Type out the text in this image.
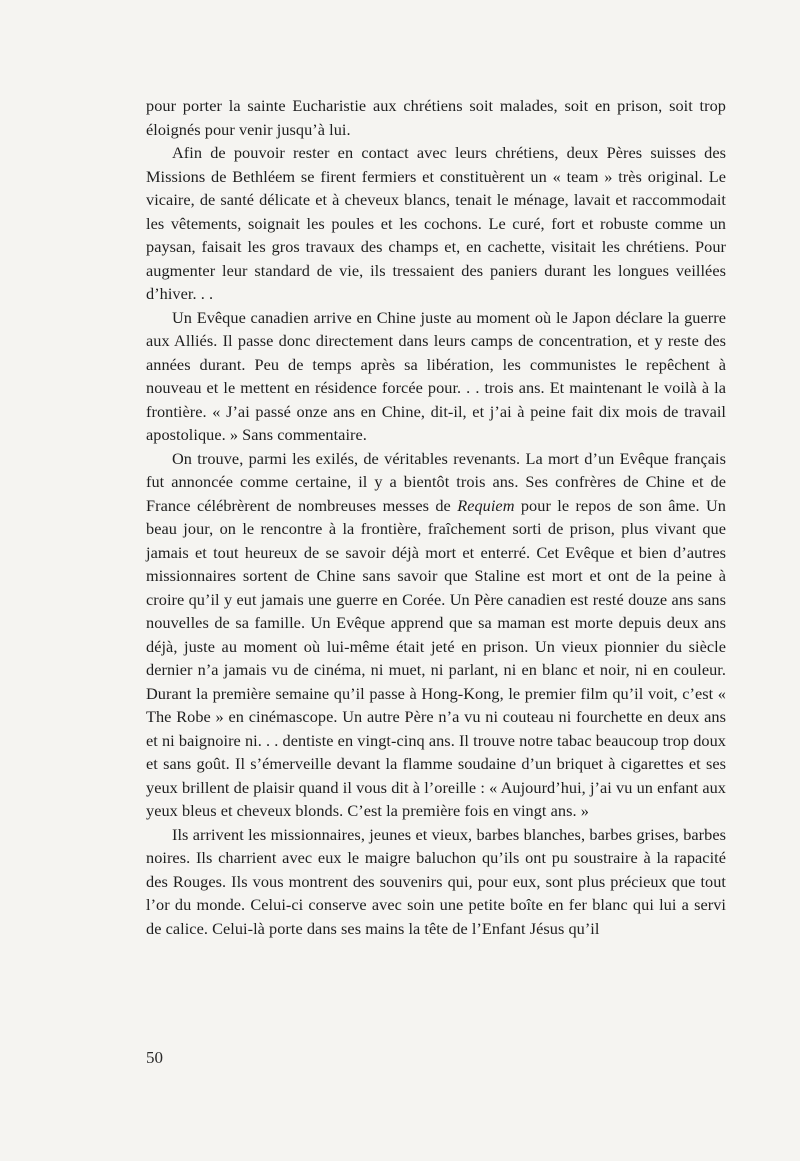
pour porter la sainte Eucharistie aux chrétiens soit malades, soit en prison, soit trop éloignés pour venir jusqu’à lui.

Afin de pouvoir rester en contact avec leurs chrétiens, deux Pères suisses des Missions de Bethléem se firent fermiers et constituèrent un « team » très original. Le vicaire, de santé délicate et à cheveux blancs, tenait le ménage, lavait et raccommodait les vêtements, soignait les poules et les cochons. Le curé, fort et robuste comme un paysan, faisait les gros travaux des champs et, en cachette, visitait les chrétiens. Pour augmenter leur standard de vie, ils tressaient des paniers durant les longues veillées d’hiver. . .

Un Evêque canadien arrive en Chine juste au moment où le Japon déclare la guerre aux Alliés. Il passe donc directement dans leurs camps de concentration, et y reste des années durant. Peu de temps après sa libération, les communistes le repêchent à nouveau et le mettent en résidence forcée pour. . . trois ans. Et maintenant le voilà à la frontière. « J’ai passé onze ans en Chine, dit-il, et j’ai à peine fait dix mois de travail apostolique. » Sans commentaire.

On trouve, parmi les exilés, de véritables revenants. La mort d’un Evêque français fut annoncée comme certaine, il y a bientôt trois ans. Ses confrères de Chine et de France célébrèrent de nombreuses messes de Requiem pour le repos de son âme. Un beau jour, on le rencontre à la frontière, fraîchement sorti de prison, plus vivant que jamais et tout heureux de se savoir déjà mort et enterré. Cet Evêque et bien d’autres missionnaires sortent de Chine sans savoir que Staline est mort et ont de la peine à croire qu’il y eut jamais une guerre en Corée. Un Père canadien est resté douze ans sans nouvelles de sa famille. Un Evêque apprend que sa maman est morte depuis deux ans déjà, juste au moment où lui-même était jeté en prison. Un vieux pionnier du siècle dernier n’a jamais vu de cinéma, ni muet, ni parlant, ni en blanc et noir, ni en couleur. Durant la première semaine qu’il passe à Hong-Kong, le premier film qu’il voit, c’est « The Robe » en cinémascope. Un autre Père n’a vu ni couteau ni fourchette en deux ans et ni baignoire ni. . . dentiste en vingt-cinq ans. Il trouve notre tabac beaucoup trop doux et sans goût. Il s’émerveille devant la flamme soudaine d’un briquet à cigarettes et ses yeux brillent de plaisir quand il vous dit à l’oreille : « Aujourd’hui, j’ai vu un enfant aux yeux bleus et cheveux blonds. C’est la première fois en vingt ans. »

Ils arrivent les missionnaires, jeunes et vieux, barbes blanches, barbes grises, barbes noires. Ils charrient avec eux le maigre baluchon qu’ils ont pu soustraire à la rapacité des Rouges. Ils vous montrent des souvenirs qui, pour eux, sont plus précieux que tout l’or du monde. Celui-ci conserve avec soin une petite boîte en fer blanc qui lui a servi de calice. Celui-là porte dans ses mains la tête de l’Enfant Jésus qu’il

50
